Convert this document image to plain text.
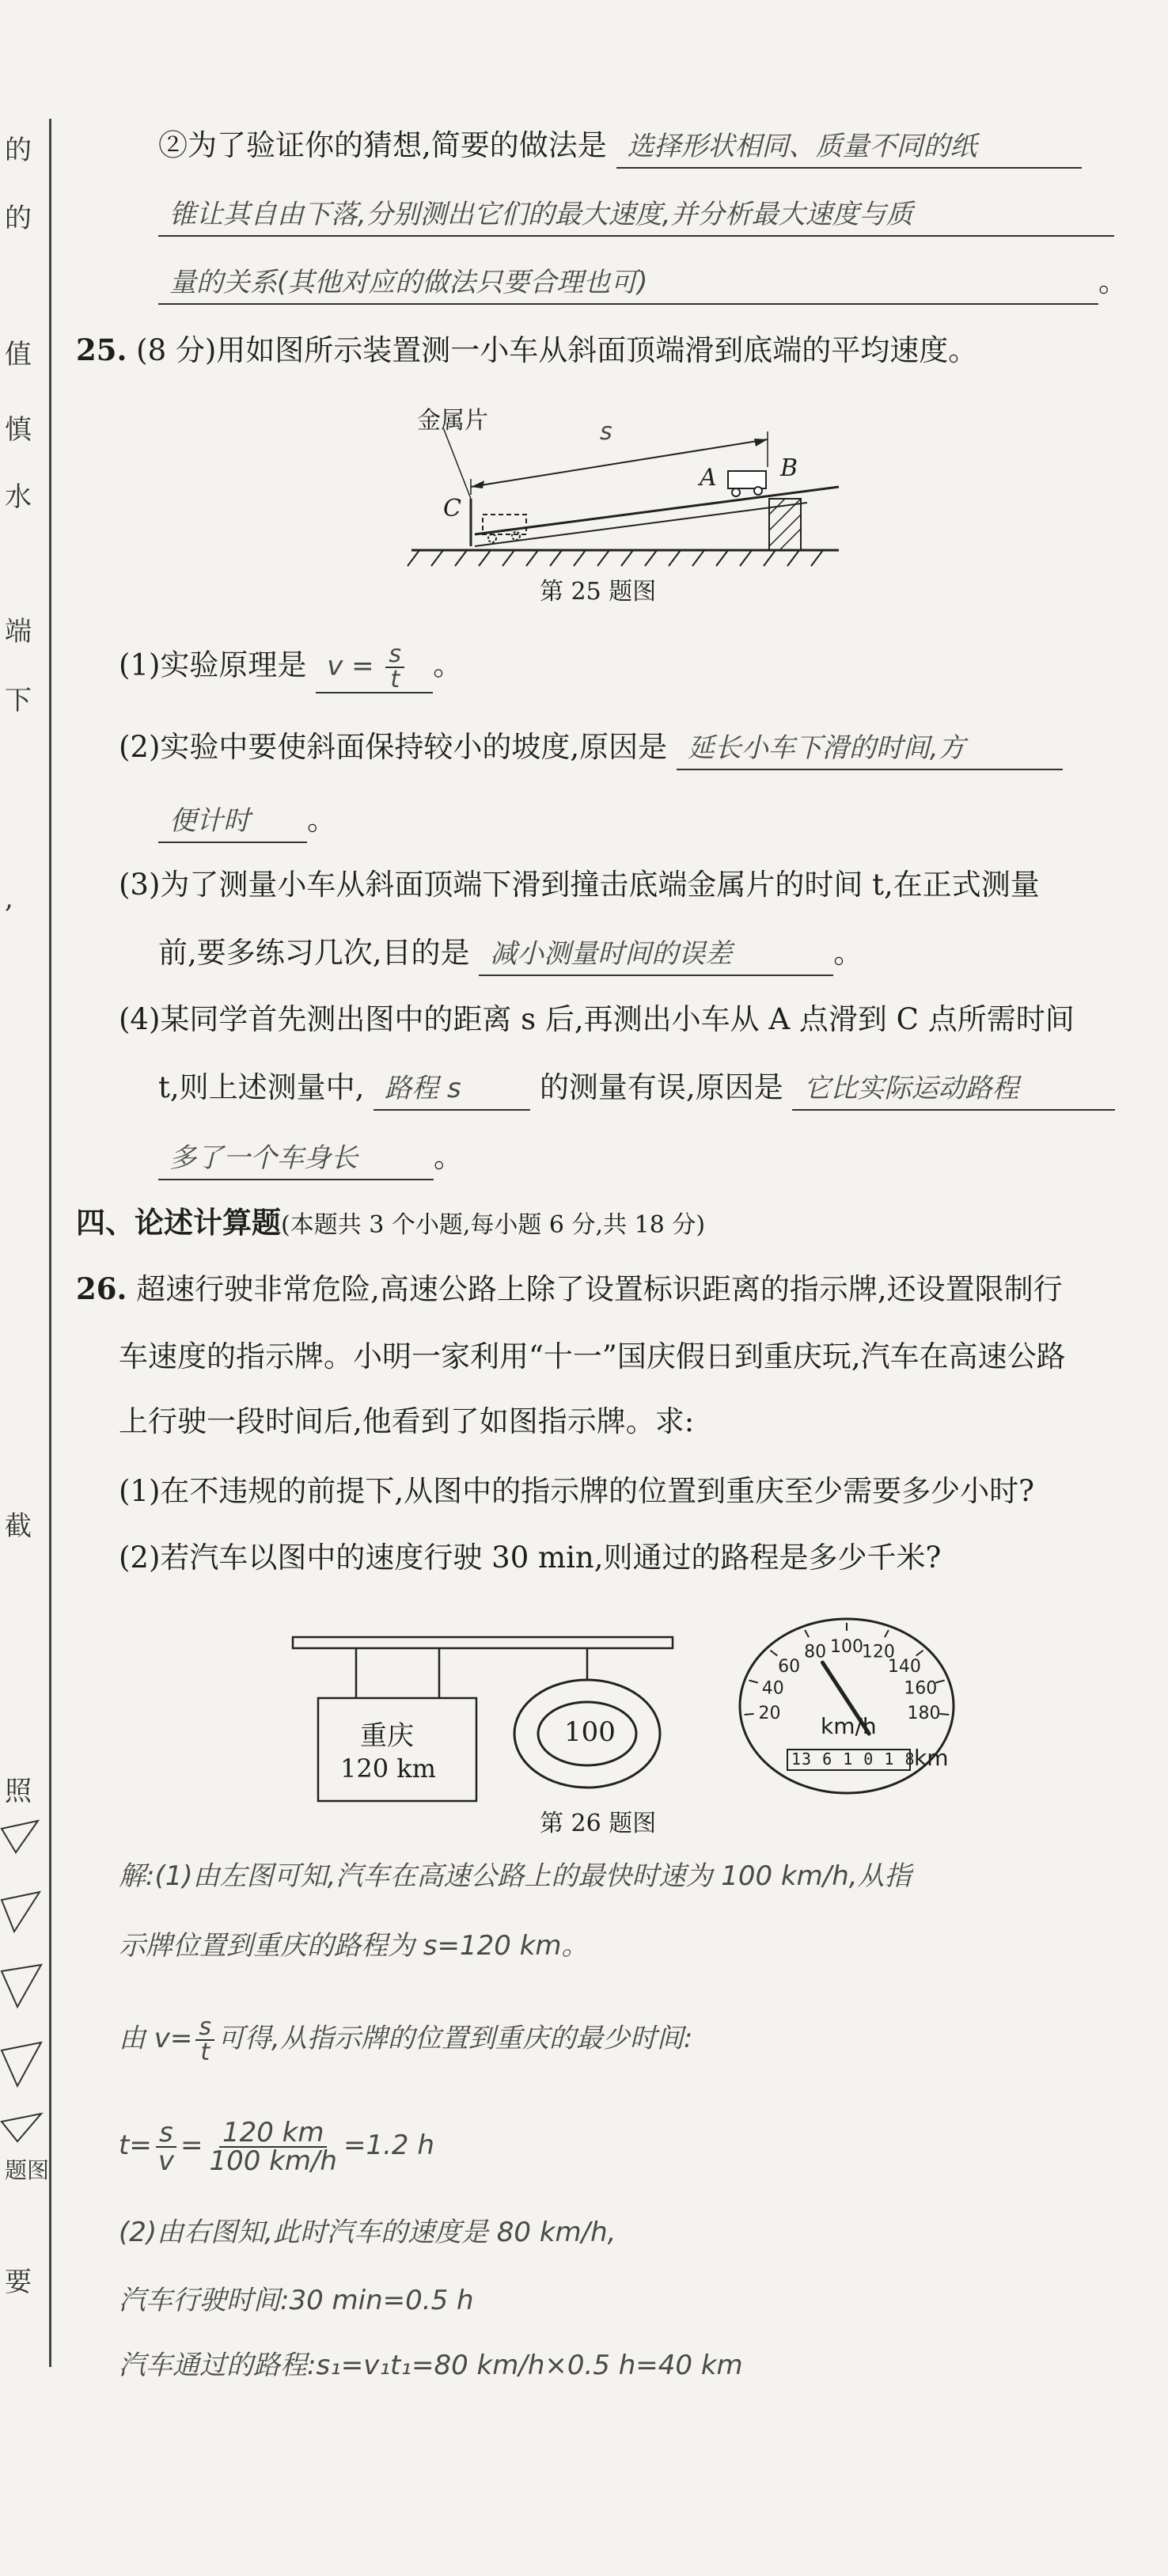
的
的
值
慎
水
端
下
,
截
照
题图
要
②为了验证你的猜想,简要的做法是 选择形状相同、质量不同的纸
锥让其自由下落,分别测出它们的最大速度,并分析最大速度与质
量的关系(其他对应的做法只要合理也可)	。
25. (8 分)用如图所示装置测一小车从斜面顶端滑到底端的平均速度。
金属片	s
A	B
C
第 25 题图
(1)实验原理是 $v = \frac{s}{t}$ 。
(2)实验中要使斜面保持较小的坡度,原因是 延长小车下滑的时间,方
便计时 。
(3)为了测量小车从斜面顶端下滑到撞击底端金属片的时间 t,在正式测量
前,要多练习几次,目的是 减小测量时间的误差	。
(4)某同学首先测出图中的距离 s 后,再测出小车从 A 点滑到 C 点所需时间
t,则上述测量中, 路程 s	的测量有误,原因是 它比实际运动路程
多了一个车身长	。
四、论述计算题(本题共 3 个小题,每小题 6 分,共 18 分)
26. 超速行驶非常危险,高速公路上除了设置标识距离的指示牌,还设置限制行
车速度的指示牌。小明一家利用“十一”国庆假日到重庆玩,汽车在高速公路
上行驶一段时间后,他看到了如图指示牌。求:
(1)在不违规的前提下,从图中的指示牌的位置到重庆至少需要多少小时?
(2)若汽车以图中的速度行驶 30 min,则通过的路程是多少千米?
重庆
120 km
100
20
40
60
80 100
120
140
160
180
km/h
13 6 1 0 1 8
km
第 26 题图
解:(1)由左图可知,汽车在高速公路上的最快时速为 100 km/h,从指
示牌位置到重庆的路程为 s=120 km。
由 $v= \frac{s}{t}$ 可得,从指示牌的位置到重庆的最少时间:
$t= \frac{s}{v} = \frac{120 km}{100 km/h} =1.2$ h
(2)由右图知,此时汽车的速度是 80 km/h,
汽车行驶时间:30 min=0.5 h
汽车通过的路程:s₁=v₁t₁=80 km/h×0.5 h=40 km
